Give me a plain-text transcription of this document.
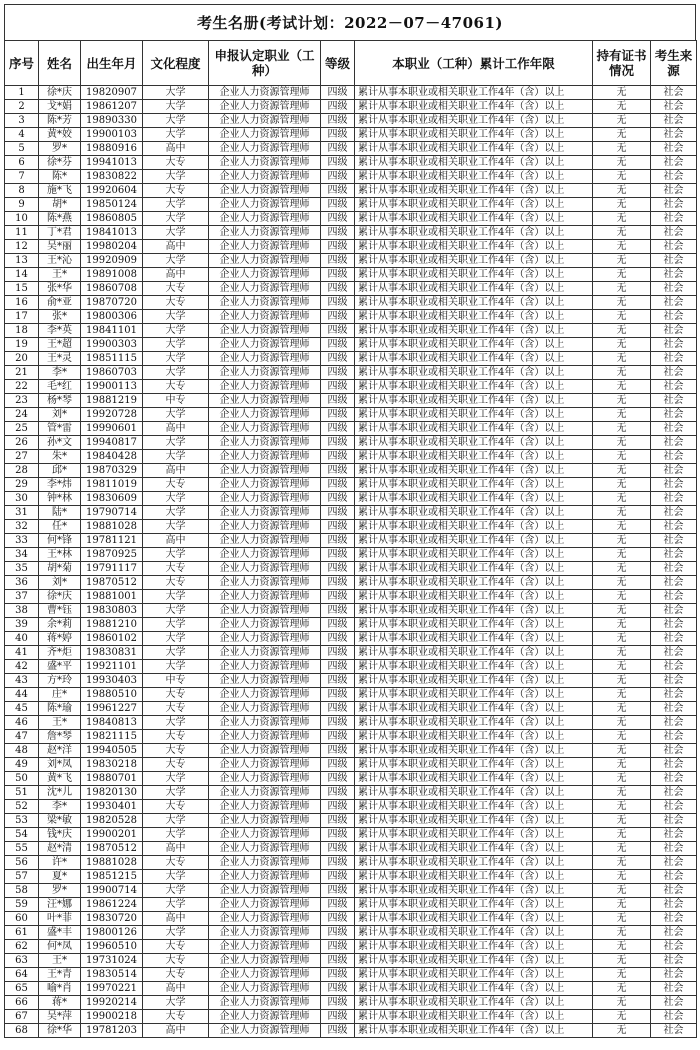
考生名册(考试计划：2022－07－47061)
序号	姓名	出生年月	文化程度	申报认定职业（工种）	等级	本职业（工种）累计工作年限	持有证书情况	考生来源
1	徐*庆	19820907	大学	企业人力资源管理师	四级	累计从事本职业或相关职业工作4年（含）以上	无	社会
2	戈*娟	19861207	大学	企业人力资源管理师	四级	累计从事本职业或相关职业工作4年（含）以上	无	社会
3	陈*芳	19890330	大学	企业人力资源管理师	四级	累计从事本职业或相关职业工作4年（含）以上	无	社会
4	黄*姣	19900103	大学	企业人力资源管理师	四级	累计从事本职业或相关职业工作4年（含）以上	无	社会
5	罗*	19880916	高中	企业人力资源管理师	四级	累计从事本职业或相关职业工作4年（含）以上	无	社会
6	徐*芬	19941013	大专	企业人力资源管理师	四级	累计从事本职业或相关职业工作4年（含）以上	无	社会
7	陈*	19830822	大学	企业人力资源管理师	四级	累计从事本职业或相关职业工作4年（含）以上	无	社会
8	施*飞	19920604	大专	企业人力资源管理师	四级	累计从事本职业或相关职业工作4年（含）以上	无	社会
9	胡*	19850124	大学	企业人力资源管理师	四级	累计从事本职业或相关职业工作4年（含）以上	无	社会
10	陈*燕	19860805	大学	企业人力资源管理师	四级	累计从事本职业或相关职业工作4年（含）以上	无	社会
11	丁*君	19841013	大学	企业人力资源管理师	四级	累计从事本职业或相关职业工作4年（含）以上	无	社会
12	吴*丽	19980204	高中	企业人力资源管理师	四级	累计从事本职业或相关职业工作4年（含）以上	无	社会
13	王*沁	19920909	大学	企业人力资源管理师	四级	累计从事本职业或相关职业工作4年（含）以上	无	社会
14	王*	19891008	高中	企业人力资源管理师	四级	累计从事本职业或相关职业工作4年（含）以上	无	社会
15	张*华	19860708	大专	企业人力资源管理师	四级	累计从事本职业或相关职业工作4年（含）以上	无	社会
16	俞*亚	19870720	大专	企业人力资源管理师	四级	累计从事本职业或相关职业工作4年（含）以上	无	社会
17	张*	19800306	大学	企业人力资源管理师	四级	累计从事本职业或相关职业工作4年（含）以上	无	社会
18	李*英	19841101	大学	企业人力资源管理师	四级	累计从事本职业或相关职业工作4年（含）以上	无	社会
19	王*超	19900303	大学	企业人力资源管理师	四级	累计从事本职业或相关职业工作4年（含）以上	无	社会
20	王*灵	19851115	大学	企业人力资源管理师	四级	累计从事本职业或相关职业工作4年（含）以上	无	社会
21	李*	19860703	大学	企业人力资源管理师	四级	累计从事本职业或相关职业工作4年（含）以上	无	社会
22	毛*红	19900113	大专	企业人力资源管理师	四级	累计从事本职业或相关职业工作4年（含）以上	无	社会
23	杨*琴	19881219	中专	企业人力资源管理师	四级	累计从事本职业或相关职业工作4年（含）以上	无	社会
24	刘*	19920728	大学	企业人力资源管理师	四级	累计从事本职业或相关职业工作4年（含）以上	无	社会
25	管*雷	19990601	高中	企业人力资源管理师	四级	累计从事本职业或相关职业工作4年（含）以上	无	社会
26	孙*文	19940817	大学	企业人力资源管理师	四级	累计从事本职业或相关职业工作4年（含）以上	无	社会
27	朱*	19840428	大学	企业人力资源管理师	四级	累计从事本职业或相关职业工作4年（含）以上	无	社会
28	邱*	19870329	高中	企业人力资源管理师	四级	累计从事本职业或相关职业工作4年（含）以上	无	社会
29	李*炜	19811019	大专	企业人力资源管理师	四级	累计从事本职业或相关职业工作4年（含）以上	无	社会
30	钟*林	19830609	大学	企业人力资源管理师	四级	累计从事本职业或相关职业工作4年（含）以上	无	社会
31	陆*	19790714	大学	企业人力资源管理师	四级	累计从事本职业或相关职业工作4年（含）以上	无	社会
32	任*	19881028	大学	企业人力资源管理师	四级	累计从事本职业或相关职业工作4年（含）以上	无	社会
33	何*锋	19781121	高中	企业人力资源管理师	四级	累计从事本职业或相关职业工作4年（含）以上	无	社会
34	王*林	19870925	大学	企业人力资源管理师	四级	累计从事本职业或相关职业工作4年（含）以上	无	社会
35	胡*菊	19791117	大专	企业人力资源管理师	四级	累计从事本职业或相关职业工作4年（含）以上	无	社会
36	刘*	19870512	大专	企业人力资源管理师	四级	累计从事本职业或相关职业工作4年（含）以上	无	社会
37	徐*庆	19881001	大学	企业人力资源管理师	四级	累计从事本职业或相关职业工作4年（含）以上	无	社会
38	曹*钰	19830803	大学	企业人力资源管理师	四级	累计从事本职业或相关职业工作4年（含）以上	无	社会
39	余*莉	19881210	大学	企业人力资源管理师	四级	累计从事本职业或相关职业工作4年（含）以上	无	社会
40	蒋*婷	19860102	大学	企业人力资源管理师	四级	累计从事本职业或相关职业工作4年（含）以上	无	社会
41	齐*炬	19830831	大学	企业人力资源管理师	四级	累计从事本职业或相关职业工作4年（含）以上	无	社会
42	盛*平	19921101	大学	企业人力资源管理师	四级	累计从事本职业或相关职业工作4年（含）以上	无	社会
43	方*玲	19930403	中专	企业人力资源管理师	四级	累计从事本职业或相关职业工作4年（含）以上	无	社会
44	庄*	19880510	大专	企业人力资源管理师	四级	累计从事本职业或相关职业工作4年（含）以上	无	社会
45	陈*瑜	19961227	大专	企业人力资源管理师	四级	累计从事本职业或相关职业工作4年（含）以上	无	社会
46	王*	19840813	大学	企业人力资源管理师	四级	累计从事本职业或相关职业工作4年（含）以上	无	社会
47	詹*琴	19821115	大专	企业人力资源管理师	四级	累计从事本职业或相关职业工作4年（含）以上	无	社会
48	赵*洋	19940505	大专	企业人力资源管理师	四级	累计从事本职业或相关职业工作4年（含）以上	无	社会
49	刘*凤	19830218	大专	企业人力资源管理师	四级	累计从事本职业或相关职业工作4年（含）以上	无	社会
50	黄*飞	19880701	大学	企业人力资源管理师	四级	累计从事本职业或相关职业工作4年（含）以上	无	社会
51	沈*儿	19820130	大学	企业人力资源管理师	四级	累计从事本职业或相关职业工作4年（含）以上	无	社会
52	李*	19930401	大专	企业人力资源管理师	四级	累计从事本职业或相关职业工作4年（含）以上	无	社会
53	梁*敏	19820528	大学	企业人力资源管理师	四级	累计从事本职业或相关职业工作4年（含）以上	无	社会
54	钱*庆	19900201	大学	企业人力资源管理师	四级	累计从事本职业或相关职业工作4年（含）以上	无	社会
55	赵*清	19870512	高中	企业人力资源管理师	四级	累计从事本职业或相关职业工作4年（含）以上	无	社会
56	许*	19881028	大专	企业人力资源管理师	四级	累计从事本职业或相关职业工作4年（含）以上	无	社会
57	夏*	19851215	大学	企业人力资源管理师	四级	累计从事本职业或相关职业工作4年（含）以上	无	社会
58	罗*	19900714	大学	企业人力资源管理师	四级	累计从事本职业或相关职业工作4年（含）以上	无	社会
59	汪*娜	19861224	大学	企业人力资源管理师	四级	累计从事本职业或相关职业工作4年（含）以上	无	社会
60	叶*菲	19830720	高中	企业人力资源管理师	四级	累计从事本职业或相关职业工作4年（含）以上	无	社会
61	盛*丰	19800126	大学	企业人力资源管理师	四级	累计从事本职业或相关职业工作4年（含）以上	无	社会
62	何*凤	19960510	大专	企业人力资源管理师	四级	累计从事本职业或相关职业工作4年（含）以上	无	社会
63	王*	19731024	大专	企业人力资源管理师	四级	累计从事本职业或相关职业工作4年（含）以上	无	社会
64	王*青	19830514	大专	企业人力资源管理师	四级	累计从事本职业或相关职业工作4年（含）以上	无	社会
65	喻*肖	19970221	高中	企业人力资源管理师	四级	累计从事本职业或相关职业工作4年（含）以上	无	社会
66	蒋*	19920214	大学	企业人力资源管理师	四级	累计从事本职业或相关职业工作4年（含）以上	无	社会
67	吴*萍	19900218	大专	企业人力资源管理师	四级	累计从事本职业或相关职业工作4年（含）以上	无	社会
68	徐*华	19781203	高中	企业人力资源管理师	四级	累计从事本职业或相关职业工作4年（含）以上	无	社会
